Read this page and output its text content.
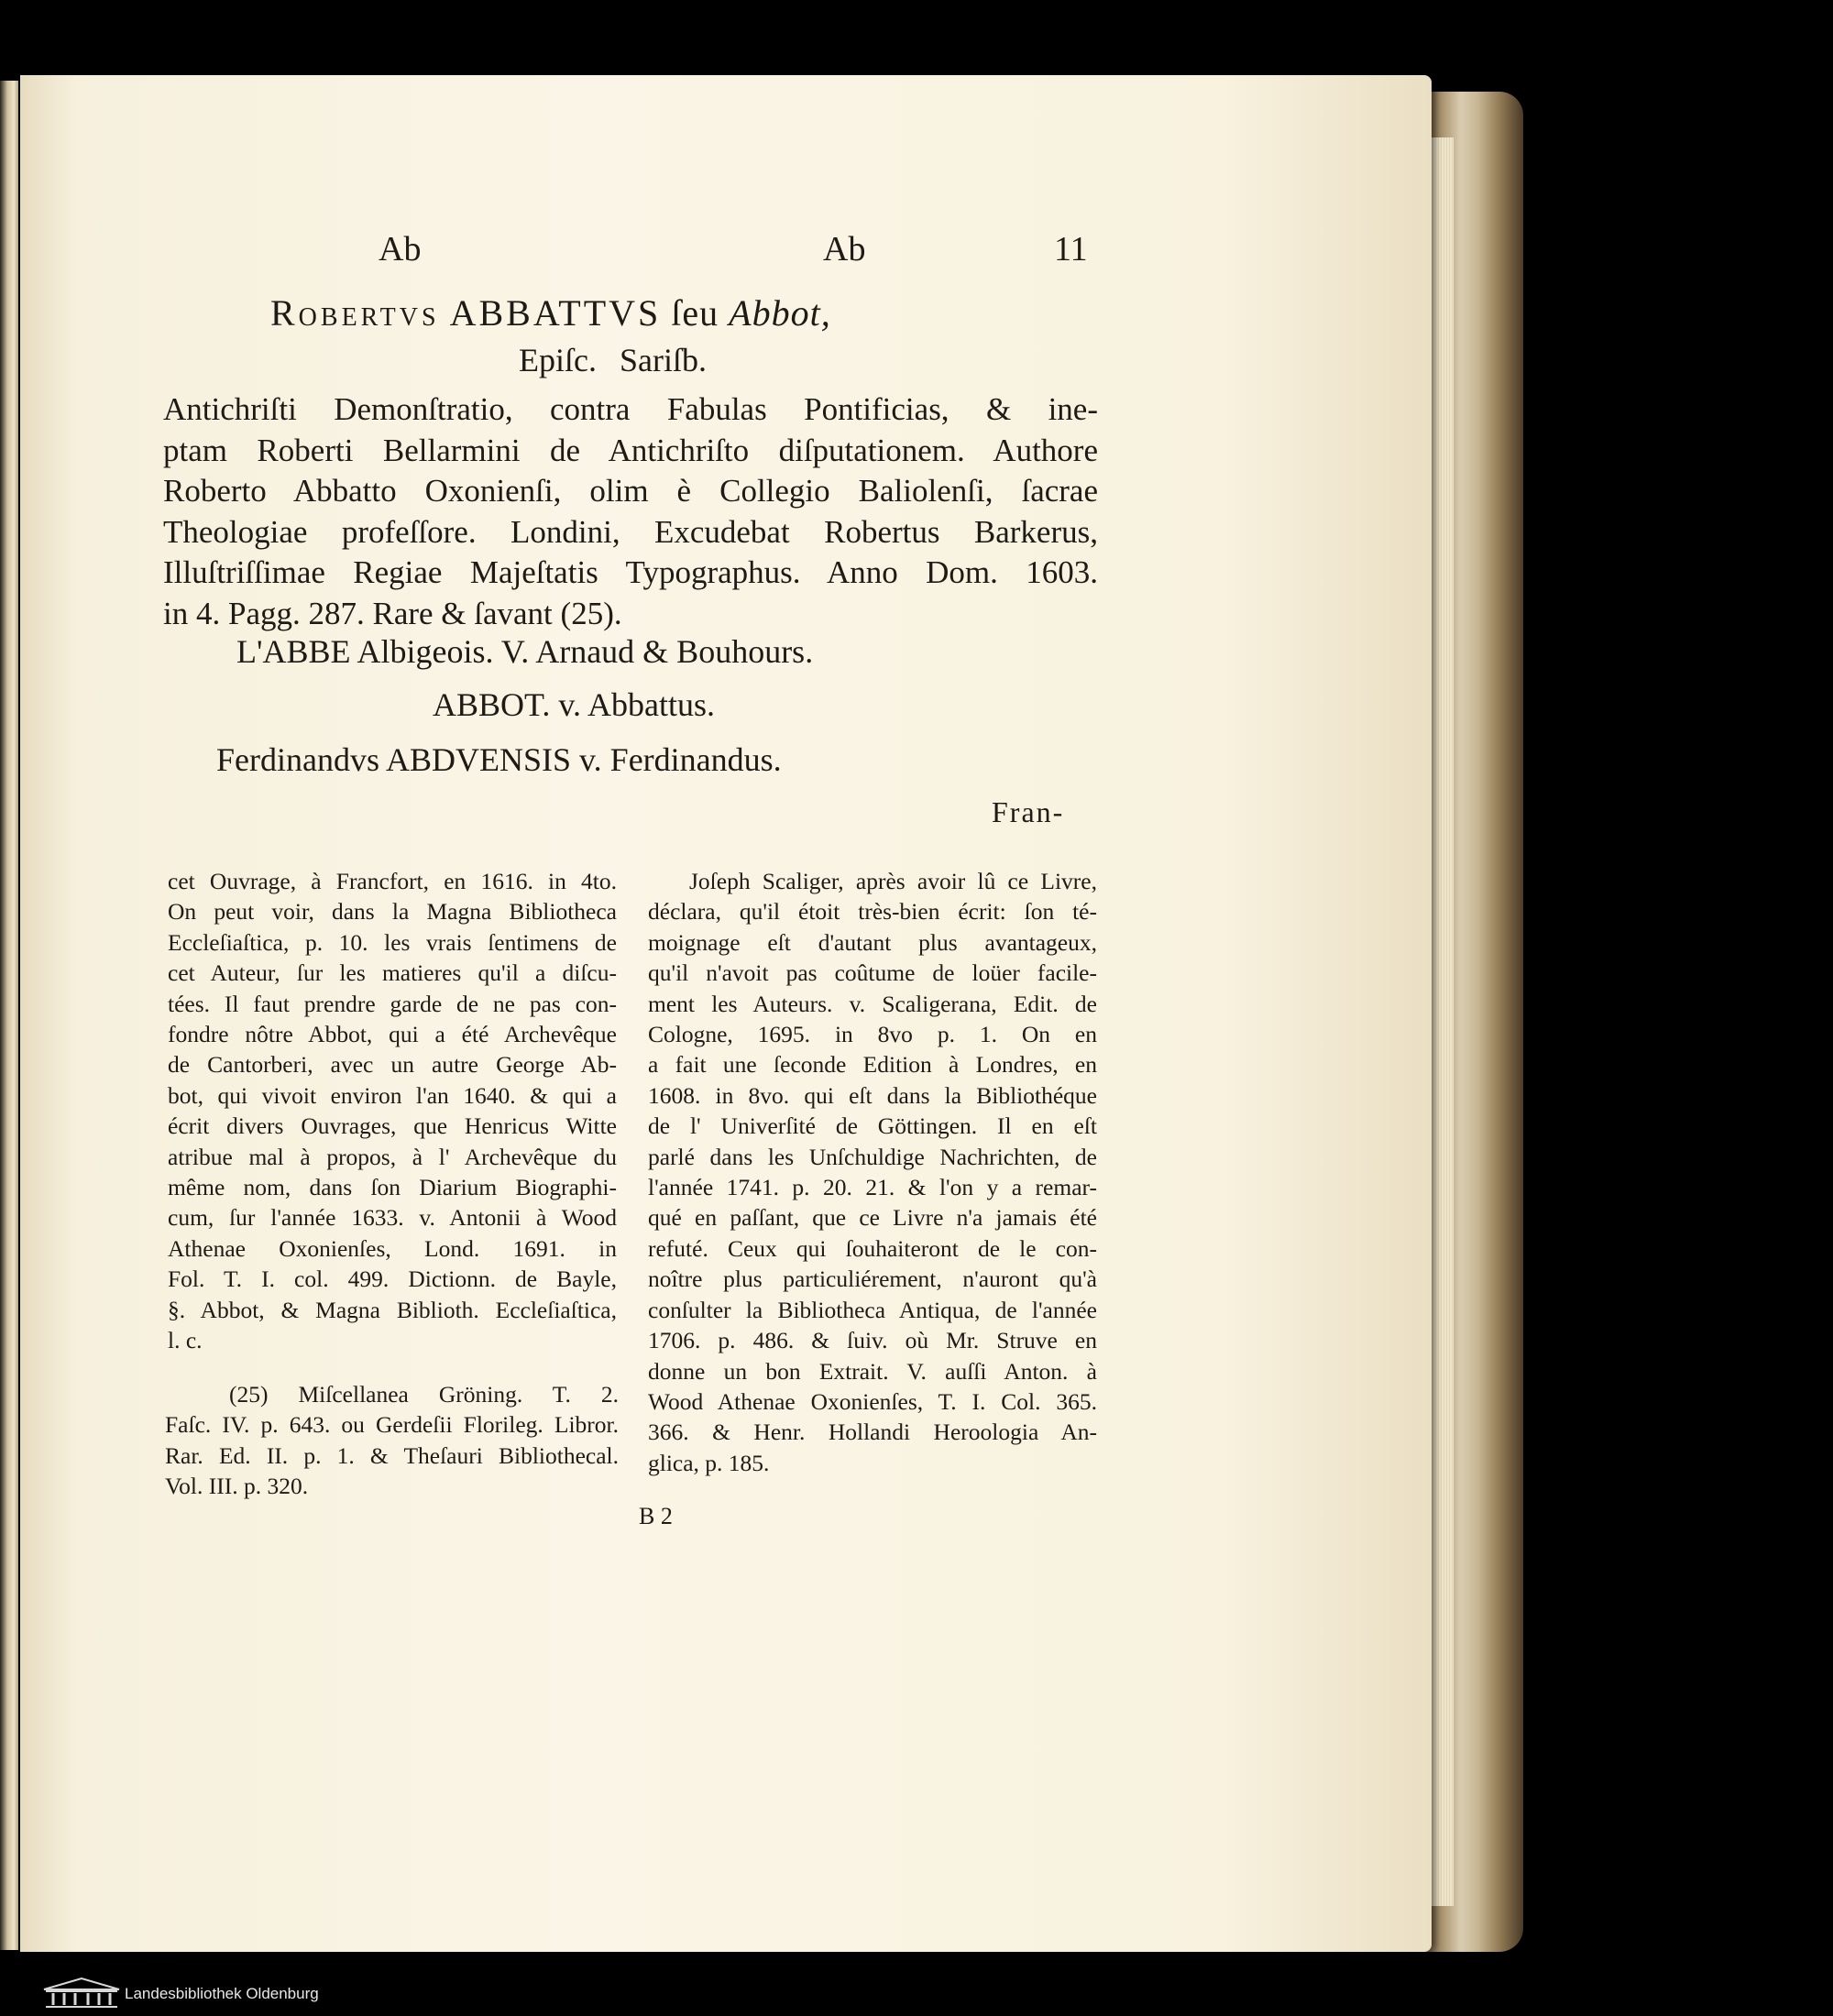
Ab	Ab	11
Robertvs ABBATTVS ſeu Abbot,
Epiſc. Sariſb.
Antichriſti Demonſtratio, contra Fabulas Pontificias, & ine-
ptam Roberti Bellarmini de Antichriſto diſputationem. Authore
Roberto Abbatto Oxonienſi, olim è Collegio Baliolenſi, ſacrae
Theologiae profeſſore. Londini, Excudebat Robertus Barkerus,
Illuſtriſſimae Regiae Majeſtatis Typographus. Anno Dom. 1603.
in 4. Pagg. 287. Rare & ſavant (25).
L'ABBE Albigeois. V. Arnaud & Bouhours.
ABBOT. v. Abbattus.
Ferdinandvs ABDVENSIS v. Ferdinandus.
Fran-
cet Ouvrage, à Francfort, en 1616. in 4to.
On peut voir, dans la Magna Bibliotheca
Eccleſiaſtica, p. 10. les vrais ſentimens de
cet Auteur, ſur les matieres qu'il a diſcu-
tées. Il faut prendre garde de ne pas con-
fondre nôtre Abbot, qui a été Archevêque
de Cantorberi, avec un autre George Ab-
bot, qui vivoit environ l'an 1640. & qui a
écrit divers Ouvrages, que Henricus Witte
atribue mal à propos, à l' Archevêque du
même nom, dans ſon Diarium Biographi-
cum, ſur l'année 1633. v. Antonii à Wood
Athenae Oxonienſes, Lond. 1691. in
Fol. T. I. col. 499. Dictionn. de Bayle,
§. Abbot, & Magna Biblioth. Eccleſiaſtica,
l. c.
(25) Miſcellanea Gröning. T. 2.
Faſc. IV. p. 643. ou Gerdeſii Florileg. Libror.
Rar. Ed. II. p. 1. & Theſauri Bibliothecal.
Vol. III. p. 320.
Joſeph Scaliger, après avoir lû ce Livre,
déclara, qu'il étoit très-bien écrit: ſon té-
moignage eſt d'autant plus avantageux,
qu'il n'avoit pas coûtume de loüer facile-
ment les Auteurs. v. Scaligerana, Edit. de
Cologne, 1695. in 8vo p. 1. On en
a fait une ſeconde Edition à Londres, en
1608. in 8vo. qui eſt dans la Bibliothéque
de l' Univerſité de Göttingen. Il en eſt
parlé dans les Unſchuldige Nachrichten, de
l'année 1741. p. 20. 21. & l'on y a remar-
qué en paſſant, que ce Livre n'a jamais été
refuté. Ceux qui ſouhaiteront de le con-
noître plus particuliérement, n'auront qu'à
conſulter la Bibliotheca Antiqua, de l'année
1706. p. 486. & ſuiv. où Mr. Struve en
donne un bon Extrait. V. auſſi Anton. à
Wood Athenae Oxonienſes, T. I. Col. 365.
366. & Henr. Hollandi Heroologia An-
glica, p. 185.
B 2
Landesbibliothek Oldenburg
